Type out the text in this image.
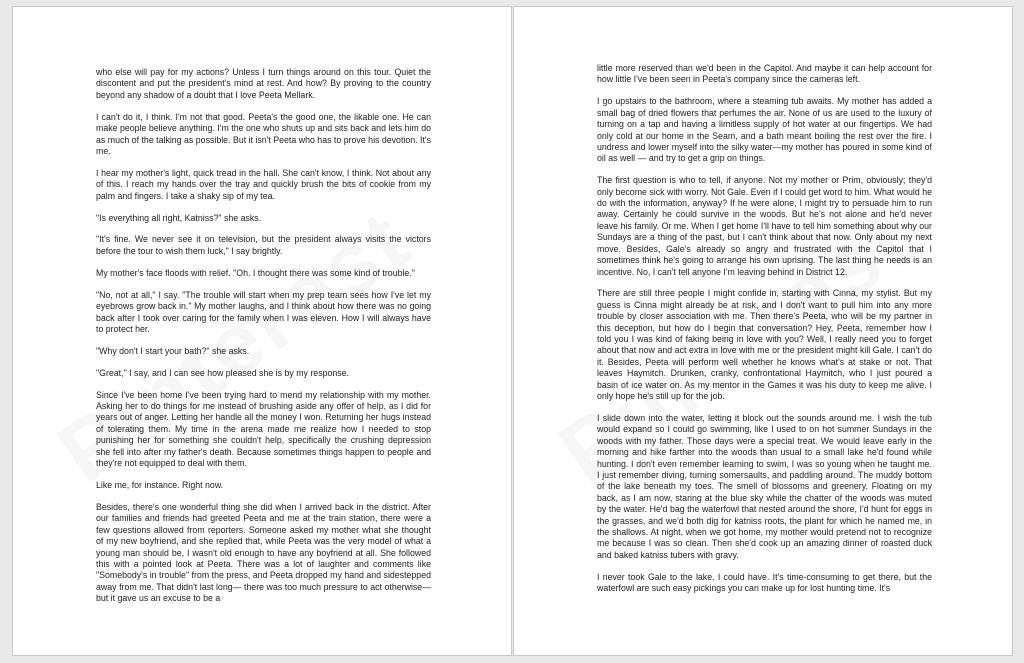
who else will pay for my actions? Unless I turn things around on this tour. Quiet the discontent and put the president's mind at rest. And how? By proving to the country beyond any shadow of a doubt that I love Peeta Mellark.

I can't do it, I think. I'm not that good. Peeta's the good one, the likable one. He can make people believe anything. I'm the one who shuts up and sits back and lets him do as much of the talking as possible. But it isn't Peeta who has to prove his devotion. It's me.

I hear my mother's light, quick tread in the hall. She can't know, I think. Not about any of this. I reach my hands over the tray and quickly brush the bits of cookie from my palm and fingers. I take a shaky sip of my tea.

"Is everything all right, Katniss?" she asks.

"It's fine. We never see it on television, but the president always visits the victors before the tour to wish them luck," I say brightly.

My mother's face floods with relief. "Oh. I thought there was some kind of trouble."

"No, not at all," I say. "The trouble will start when my prep team sees how I've let my eyebrows grow back in." My mother laughs, and I think about how there was no going back after I took over caring for the family when I was eleven. How I will always have to protect her.

"Why don't I start your bath?" she asks.

"Great," I say, and I can see how pleased she is by my response.

Since I've been home I've been trying hard to mend my relationship with my mother. Asking her to do things for me instead of brushing aside any offer of help, as I did for years out of anger. Letting her handle all the money I won. Returning her hugs instead of tolerating them. My time in the arena made me realize how I needed to stop punishing her for something she couldn't help, specifically the crushing depression she fell into after my father's death. Because sometimes things happen to people and they're not equipped to deal with them.

Like me, for instance. Right now.

Besides, there's one wonderful thing she did when I arrived back in the district. After our families and friends had greeted Peeta and me at the train station, there were a few questions allowed from reporters. Someone asked my mother what she thought of my new boyfriend, and she replied that, while Peeta was the very model of what a young man should be, I wasn't old enough to have any boyfriend at all. She followed this with a pointed look at Peeta. There was a lot of laughter and comments like "Somebody's in trouble" from the press, and Peeta dropped my hand and sidestepped away from me. That didn't last long— there was too much pressure to act otherwise—but it gave us an excuse to be a

little more reserved than we'd been in the Capitol. And maybe it can help account for how little I've been seen in Peeta's company since the cameras left.

I go upstairs to the bathroom, where a steaming tub awaits. My mother has added a small bag of dried flowers that perfumes the air. None of us are used to the luxury of turning on a tap and having a limitless supply of hot water at our fingertips. We had only cold at our home in the Seam, and a bath meant boiling the rest over the fire. I undress and lower myself into the silky water—my mother has poured in some kind of oil as well — and try to get a grip on things.

The first question is who to tell, if anyone. Not my mother or Prim, obviously; they'd only become sick with worry. Not Gale. Even if I could get word to him. What would he do with the information, anyway? If he were alone, I might try to persuade him to run away. Certainly he could survive in the woods. But he's not alone and he'd never leave his family. Or me. When I get home I'll have to tell him something about why our Sundays are a thing of the past, but I can't think about that now. Only about my next move. Besides, Gale's already so angry and frustrated with the Capitol that I sometimes think he's going to arrange his own uprising. The last thing he needs is an incentive. No, I can't tell anyone I'm leaving behind in District 12.

There are still three people I might confide in, starting with Cinna, my stylist. But my guess is Cinna might already be at risk, and I don't want to pull him into any more trouble by closer association with me. Then there's Peeta, who will be my partner in this deception, but how do I begin that conversation? Hey, Peeta, remember how I told you I was kind of faking being in love with you? Well, I really need you to forget about that now and act extra in love with me or the president might kill Gale. I can't do it. Besides, Peeta will perform well whether he knows what's at stake or not. That leaves Haymitch. Drunken, cranky, confrontational Haymitch, who I just poured a basin of ice water on. As my mentor in the Games it was his duty to keep me alive. I only hope he's still up for the job.

I slide down into the water, letting it block out the sounds around me. I wish the tub would expand so I could go swimming, like I used to on hot summer Sundays in the woods with my father. Those days were a special treat. We would leave early in the morning and hike farther into the woods than usual to a small lake he'd found while hunting. I don't even remember learning to swim, I was so young when he taught me. I just remember diving, turning somersaults, and paddling around. The muddy bottom of the lake beneath my toes. The smell of blossoms and greenery. Floating on my back, as I am now, staring at the blue sky while the chatter of the woods was muted by the water. He'd bag the waterfowl that nested around the shore, I'd hunt for eggs in the grasses, and we'd both dig for katniss roots, the plant for which he named me, in the shallows. At night, when we got home, my mother would pretend not to recognize me because I was so clean. Then she'd cook up an amazing dinner of roasted duck and baked katniss tubers with gravy.

I never took Gale to the lake. I could have. It's time-consuming to get there, but the waterfowl are such easy pickings you can make up for lost hunting time. It's
